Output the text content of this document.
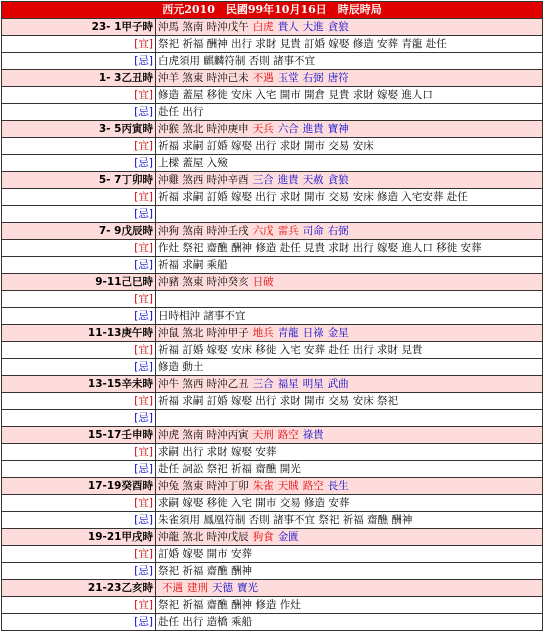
西元2010　民國99年10月16日　時辰時局	
23- 1甲子時	沖馬 煞南 時沖戊午 白虎 貴人 大進 貪狼
[宜]	祭祀 祈福 酬神 出行 求財 見貴 訂婚 嫁娶 修造 安葬 青龍 赴任
[忌]	白虎須用 麒麟符制 否則 諸事不宜
1- 3乙丑時	沖羊 煞東 時沖己未 不遇 玉堂 右弼 唐符
[宜]	修造 蓋屋 移徙 安床 入宅 開市 開倉 見貴 求財 嫁娶 進人口
[忌]	赴任 出行
3- 5丙寅時	沖猴 煞北 時沖庚申 天兵 六合 進貴 寶神
[宜]	祈福 求嗣 訂婚 嫁娶 出行 求財 開市 交易 安床
[忌]	上樑 蓋屋 入殮
5- 7丁卯時	沖雞 煞西 時沖辛酉 三合 進貴 天赦 貪狼
[宜]	祈福 求嗣 訂婚 嫁娶 出行 求財 開市 交易 安床 修造 入宅安葬 赴任
[忌]	
7- 9戊辰時	沖狗 煞南 時沖壬戌 六戊 雷兵 司命 右弼
[宜]	作灶 祭祀 齋醮 酬神 修造 赴任 見貴 求財 出行 嫁娶 進人口 移徙 安葬
[忌]	祈福 求嗣 乘船
9-11己巳時	沖豬 煞東 時沖癸亥 日破
[宜]	
[忌]	日時相沖 諸事不宜
11-13庚午時	沖鼠 煞北 時沖甲子 地兵 青龍 日祿 金星
[宜]	祈福 訂婚 嫁娶 安床 移徙 入宅 安葬 赴任 出行 求財 見貴
[忌]	修造 動土
13-15辛未時	沖牛 煞西 時沖乙丑 三合 福星 明星 武曲
[宜]	祈福 求嗣 訂婚 嫁娶 出行 求財 開市 交易 安床 祭祀
[忌]	
15-17壬申時	沖虎 煞南 時沖丙寅 天刑 路空 祿貴
[宜]	求嗣 出行 求財 嫁娶 安葬
[忌]	赴任 詞訟 祭祀 祈福 齋醮 開光
17-19癸酉時	沖兔 煞東 時沖丁卯 朱雀 天賊 路空 長生
[宜]	求嗣 嫁娶 移徙 入宅 開市 交易 修造 安葬
[忌]	朱雀須用 鳳凰符制 否則 諸事不宜 祭祀 祈福 齋醮 酬神
19-21甲戌時	沖龍 煞北 時沖戊辰 狗食 金匱
[宜]	訂婚 嫁娶 開市 安葬
[忌]	祭祀 祈福 齋醮 酬神
21-23乙亥時	不遇 建刑 天德 寶光
[宜]	祭祀 祈福 齋醮 酬神 修造 作灶
[忌]	赴任 出行 造橋 乘船
